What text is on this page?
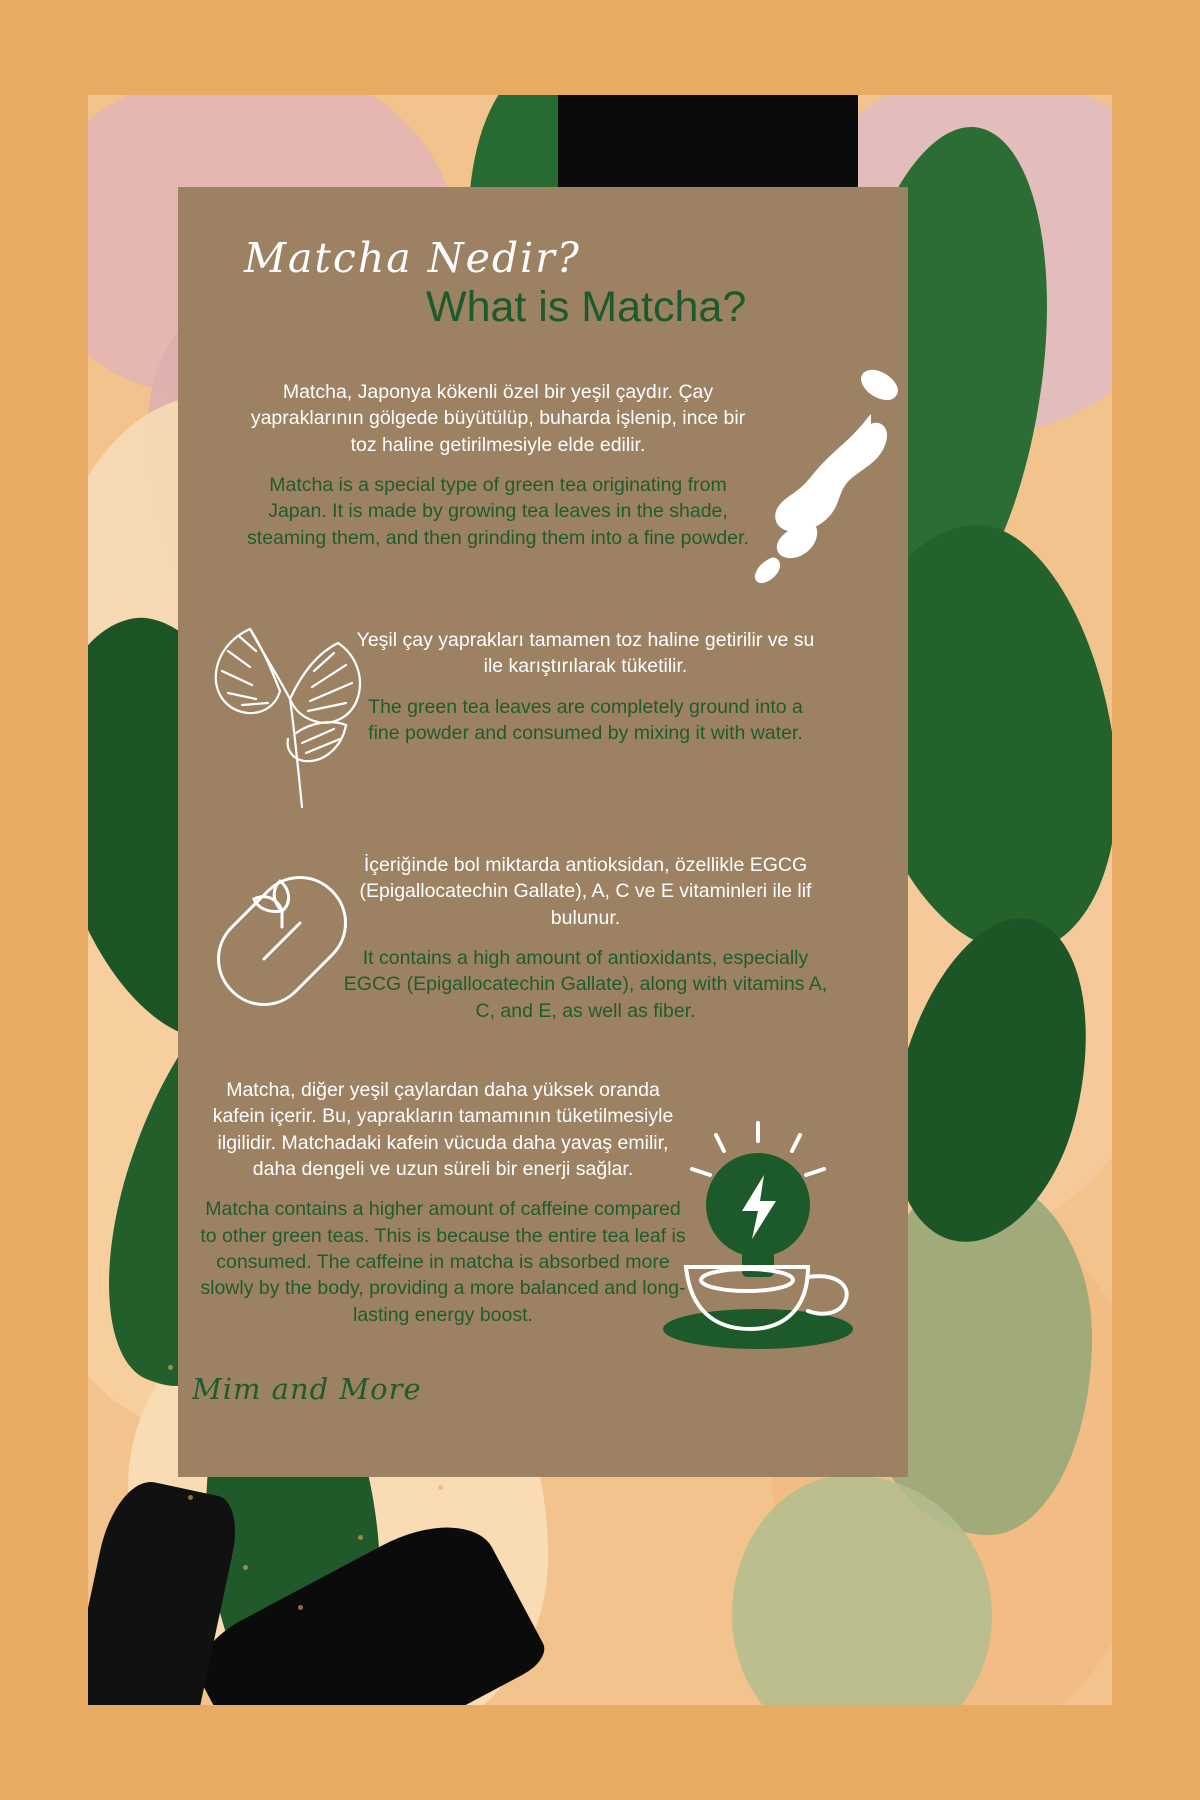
Matcha Nedir?
What is Matcha?
Matcha, Japonya kökenli özel bir yeşil çaydır. Çay yapraklarının gölgede büyütülüp, buharda işlenip, ince bir toz haline getirilmesiyle elde edilir.
Matcha is a special type of green tea originating from Japan. It is made by growing tea leaves in the shade, steaming them, and then grinding them into a fine powder.
Yeşil çay yaprakları tamamen toz haline getirilir ve su ile karıştırılarak tüketilir.
The green tea leaves are completely ground into a fine powder and consumed by mixing it with water.
İçeriğinde bol miktarda antioksidan, özellikle EGCG (Epigallocatechin Gallate), A, C ve E vitaminleri ile lif bulunur.
It contains a high amount of antioxidants, especially EGCG (Epigallocatechin Gallate), along with vitamins A, C, and E, as well as fiber.
Matcha, diğer yeşil çaylardan daha yüksek oranda kafein içerir. Bu, yaprakların tamamının tüketilmesiyle ilgilidir. Matchadaki kafein vücuda daha yavaş emilir, daha dengeli ve uzun süreli bir enerji sağlar.
Matcha contains a higher amount of caffeine compared to other green teas. This is because the entire tea leaf is consumed. The caffeine in matcha is absorbed more slowly by the body, providing a more balanced and long-lasting energy boost.
Mim and More
